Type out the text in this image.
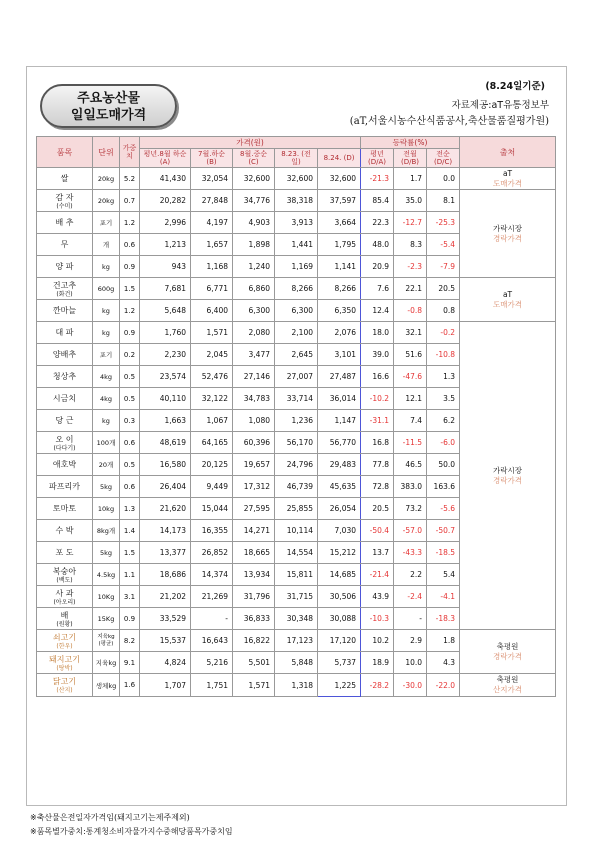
주요농산물
일일도매가격
(8.24일기준)
자료제공:aT유통정보부
(aT,서울시농수산식품공사,축산물품질평가원)
품목	단위	가중치	가격(원)					등락률(%)			출처
			평년.8월 하순(A)	7월.하순 (B)	8월.중순 (C)	8.23. (전일)	8.24. (D)	평년 (D/A)	전월 (D/B)	전순 (D/C)	

쌀	20kg	5.2	41,430	32,054	32,600	32,600	32,600	-21.3	1.7	0.0	aT
도매가격

감 자
(수미)	20kg	0.7	20,282	27,848	34,776	38,318	37,597	85.4	35.0	8.1	가락시장
경락가격

배 추	포기	1.2	2,996	4,197	4,903	3,913	3,664	22.3	-12.7	-25.3	

무	개	0.6	1,213	1,657	1,898	1,441	1,795	48.0	8.3	-5.4	

양 파	kg	0.9	943	1,168	1,240	1,169	1,141	20.9	-2.3	-7.9	

건고추
(화건)	600g	1.5	7,681	6,771	6,860	8,266	8,266	7.6	22.1	20.5	aT
도매가격

깐마늘	kg	1.2	5,648	6,400	6,300	6,300	6,350	12.4	-0.8	0.8	

대 파	kg	0.9	1,760	1,571	2,080	2,100	2,076	18.0	32.1	-0.2	가락시장
경락가격

양배추	포기	0.2	2,230	2,045	3,477	2,645	3,101	39.0	51.6	-10.8	

청상추	4kg	0.5	23,574	52,476	27,146	27,007	27,487	16.6	-47.6	1.3	

시금치	4kg	0.5	40,110	32,122	34,783	33,714	36,014	-10.2	12.1	3.5	

당 근	kg	0.3	1,663	1,067	1,080	1,236	1,147	-31.1	7.4	6.2	

오 이
(다다기)	100개	0.6	48,619	64,165	60,396	56,170	56,770	16.8	-11.5	-6.0	

애호박	20개	0.5	16,580	20,125	19,657	24,796	29,483	77.8	46.5	50.0	

파프리카	5kg	0.6	26,404	9,449	17,312	46,739	45,635	72.8	383.0	163.6	

토마토	10kg	1.3	21,620	15,044	27,595	25,855	26,054	20.5	73.2	-5.6	

수 박	8kg개	1.4	14,173	16,355	14,271	10,114	7,030	-50.4	-57.0	-50.7	

포 도	5kg	1.5	13,377	26,852	18,665	14,554	15,212	13.7	-43.3	-18.5	

복숭아
(백도)	4.5kg	1.1	18,686	14,374	13,934	15,811	14,685	-21.4	2.2	5.4	

사 과
(아오리)	10Kg	3.1	21,202	21,269	31,796	31,715	30,506	43.9	-2.4	-4.1	

배
(원황)	15Kg	0.9	33,529	-	36,833	30,348	30,088	-10.3	-	-18.3	

쇠고기
(한우)	지육kg (평균)	8.2	15,537	16,643	16,822	17,123	17,120	10.2	2.9	1.8	축평원
경락가격

돼지고기
(탕박)	지육kg	9.1	4,824	5,216	5,501	5,848	5,737	18.9	10.0	4.3	

닭고기
(산지)	생체kg	1.6	1,707	1,751	1,571	1,318	1,225	-28.2	-30.0	-22.0	축평원
산지가격
※축산물은전일자가격임(돼지고기는제주제외)
※품목별가중치:통계청소비자물가지수중해당품목가중치임
